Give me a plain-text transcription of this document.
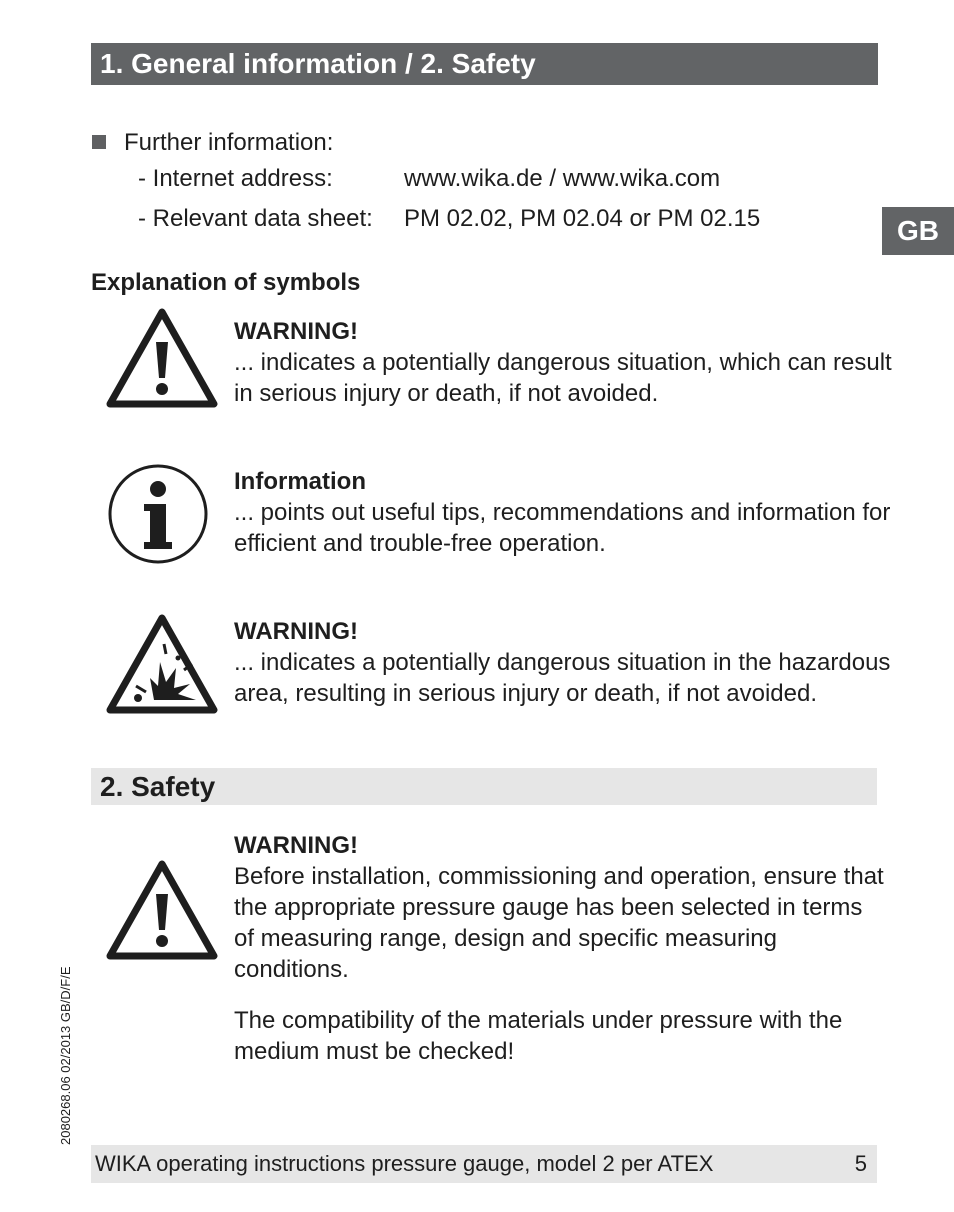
1. General information / 2. Safety
GB
Further information:
- Internet address:	www.wika.de / www.wika.com
- Relevant data sheet: PM 02.02, PM 02.04 or PM 02.15
Explanation of symbols
WARNING!
... indicates a potentially dangerous situation, which can result in serious injury or death, if not avoided.
Information
... points out useful tips, recommendations and information for efficient and trouble-free operation.
WARNING!
... indicates a potentially dangerous situation in the hazardous area, resulting in serious injury or death, if not avoided.
2. Safety
WARNING!
Before installation, commissioning and operation, ensure that the appropriate pressure gauge has been selected in terms of measuring range, design and specific measuring conditions.
The compatibility of the materials under pressure with the medium must be checked!
2080268.06 02/2013 GB/D/F/E
WIKA operating instructions pressure gauge, model 2 per ATEX	5
